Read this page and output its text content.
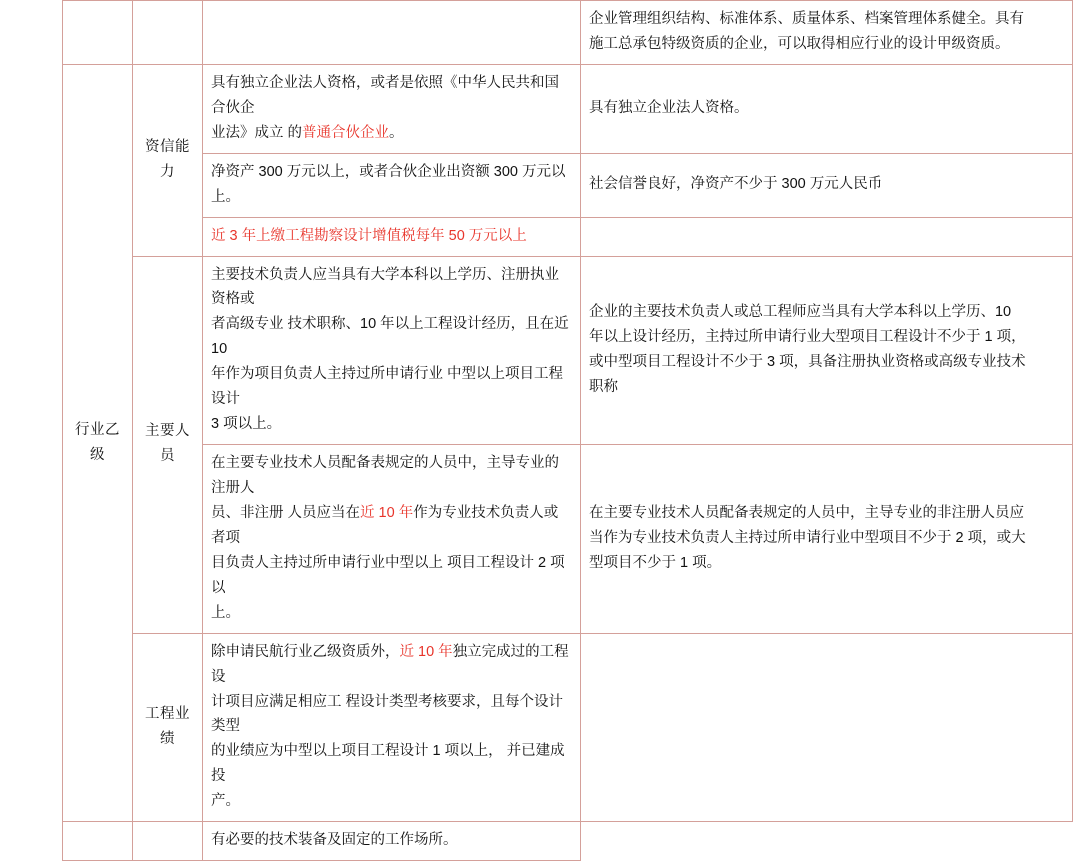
			企业管理组织结构、标准体系、质量体系、档案管理体系健全。具有
施工总承包特级资质的企业，可以取得相应行业的设计甲级资质。

行业乙级	资信能力	具有独立企业法人资格，或者是依照《中华人民共和国合伙企
业法》成立 的普通合伙企业。	具有独立企业法人资格。

		净资产 300 万元以上，或者合伙企业出资额 300 万元以
上。	社会信誉良好，净资产不少于 300 万元人民币

		近 3 年上缴工程勘察设计增值税每年 50 万元以上	

	主要人员	主要技术负责人应当具有大学本科以上学历、注册执业资格或
者高级专业 技术职称、10 年以上工程设计经历，且在近 10
年作为项目负责人主持过所申请行业 中型以上项目工程设计
3 项以上。	企业的主要技术负责人或总工程师应当具有大学本科以上学历、10
年以上设计经历，主持过所申请行业大型项目工程设计不少于 1 项，
或中型项目工程设计不少于 3 项，具备注册执业资格或高级专业技术
职称

		在主要专业技术人员配备表规定的人员中，主导专业的注册人
员、非注册 人员应当在近 10 年作为专业技术负责人或者项
目负责人主持过所申请行业中型以上 项目工程设计 2 项以
上。	在主要专业技术人员配备表规定的人员中，主导专业的非注册人员应
当作为专业技术负责人主持过所申请行业中型项目不少于 2 项，或大
型项目不少于 1 项。

	工程业绩	除申请民航行业乙级资质外，近 10 年独立完成过的工程设
计项目应满足相应工 程设计类型考核要求，且每个设计类型
的业绩应为中型以上项目工程设计 1 项以上， 并已建成投
产。	

		有必要的技术装备及固定的工作场所。	
